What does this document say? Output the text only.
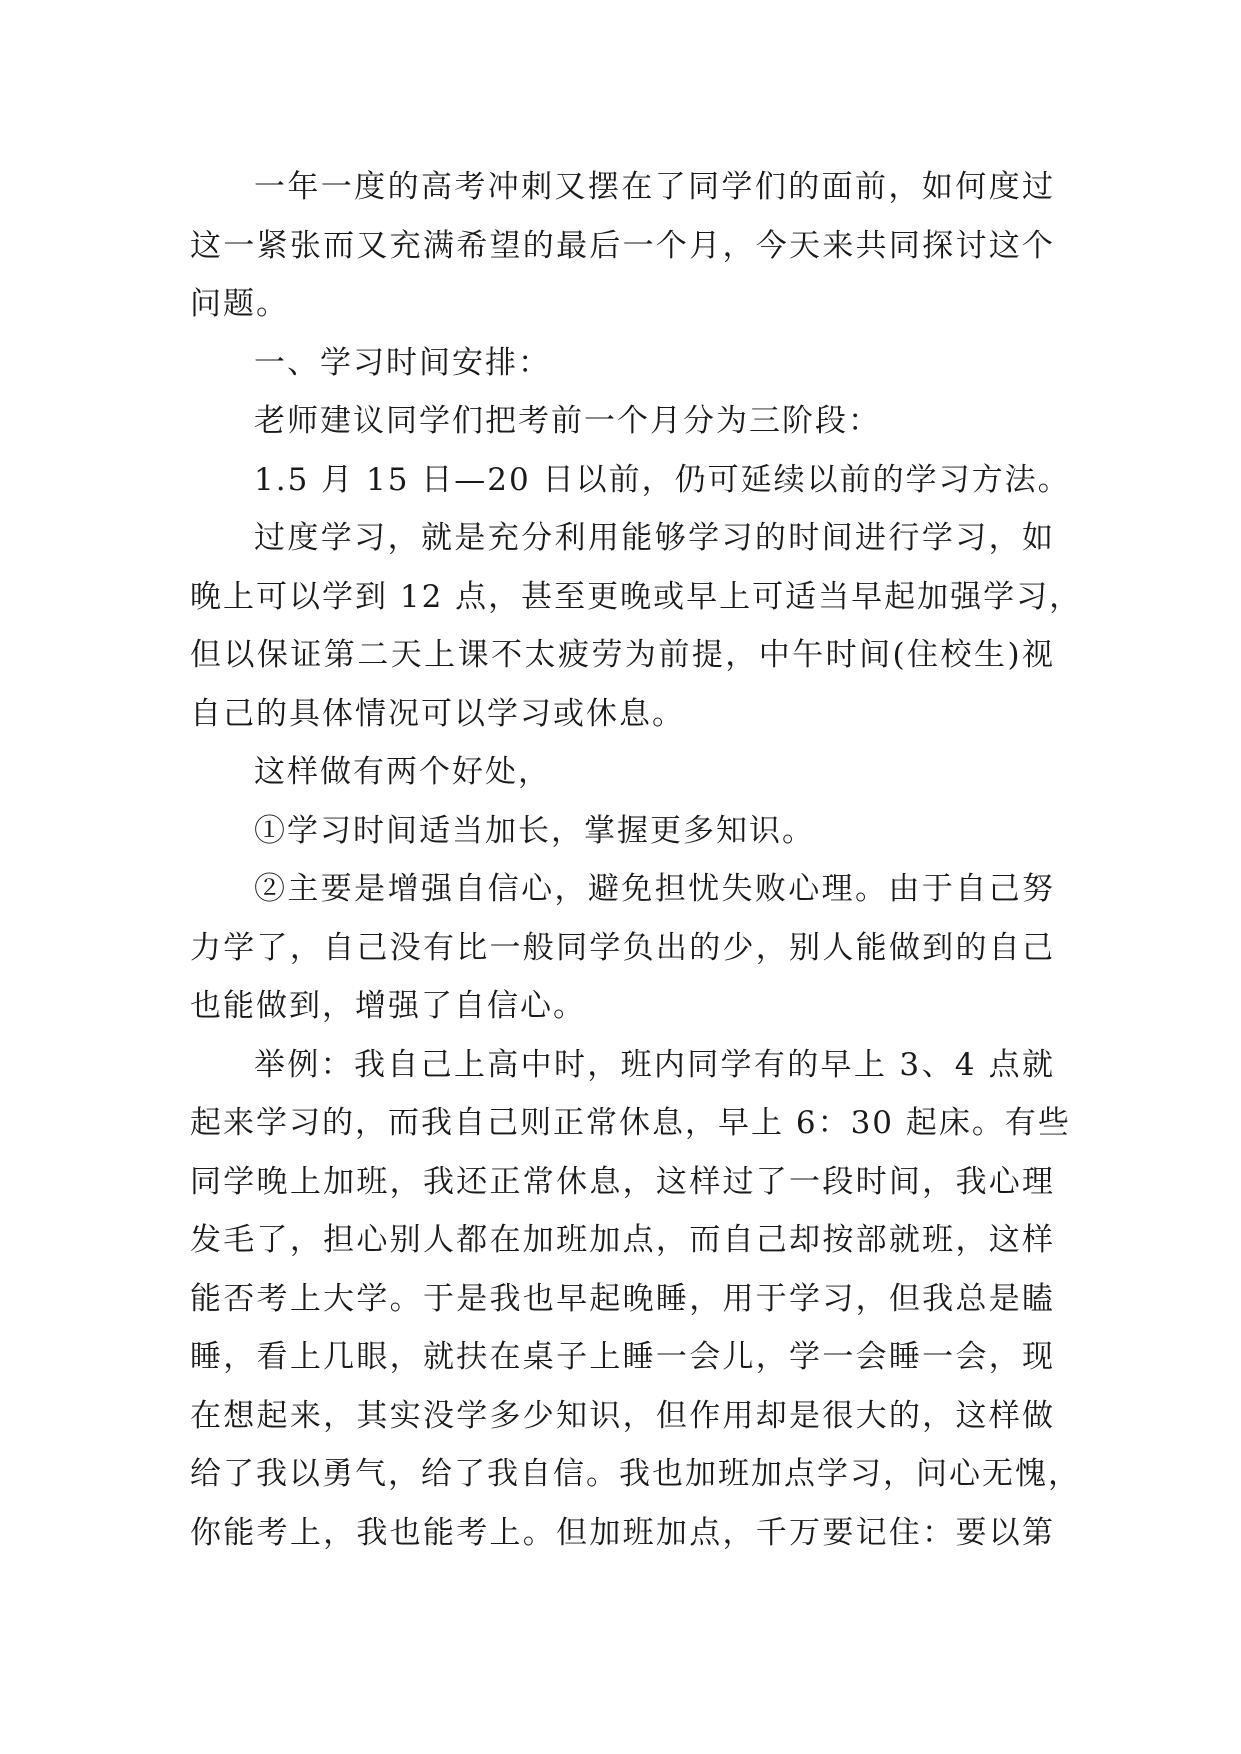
一年一度的高考冲刺又摆在了同学们的面前，如何度过
这一紧张而又充满希望的最后一个月，今天来共同探讨这个
问题。
一、学习时间安排：
老师建议同学们把考前一个月分为三阶段：
1.5 月 15 日—20 日以前，仍可延续以前的学习方法。
过度学习，就是充分利用能够学习的时间进行学习，如
晚上可以学到 12 点，甚至更晚或早上可适当早起加强学习，
但以保证第二天上课不太疲劳为前提，中午时间(住校生)视
自己的具体情况可以学习或休息。
这样做有两个好处，
①学习时间适当加长，掌握更多知识。
②主要是增强自信心，避免担忧失败心理。由于自己努
力学了，自己没有比一般同学负出的少，别人能做到的自己
也能做到，增强了自信心。
举例：我自己上高中时，班内同学有的早上 3、4 点就
起来学习的，而我自己则正常休息，早上 6：30 起床。有些
同学晚上加班，我还正常休息，这样过了一段时间，我心理
发毛了，担心别人都在加班加点，而自己却按部就班，这样
能否考上大学。于是我也早起晚睡，用于学习，但我总是瞌
睡，看上几眼，就扶在桌子上睡一会儿，学一会睡一会，现
在想起来，其实没学多少知识，但作用却是很大的，这样做
给了我以勇气，给了我自信。我也加班加点学习，问心无愧，
你能考上，我也能考上。但加班加点，千万要记住：要以第
